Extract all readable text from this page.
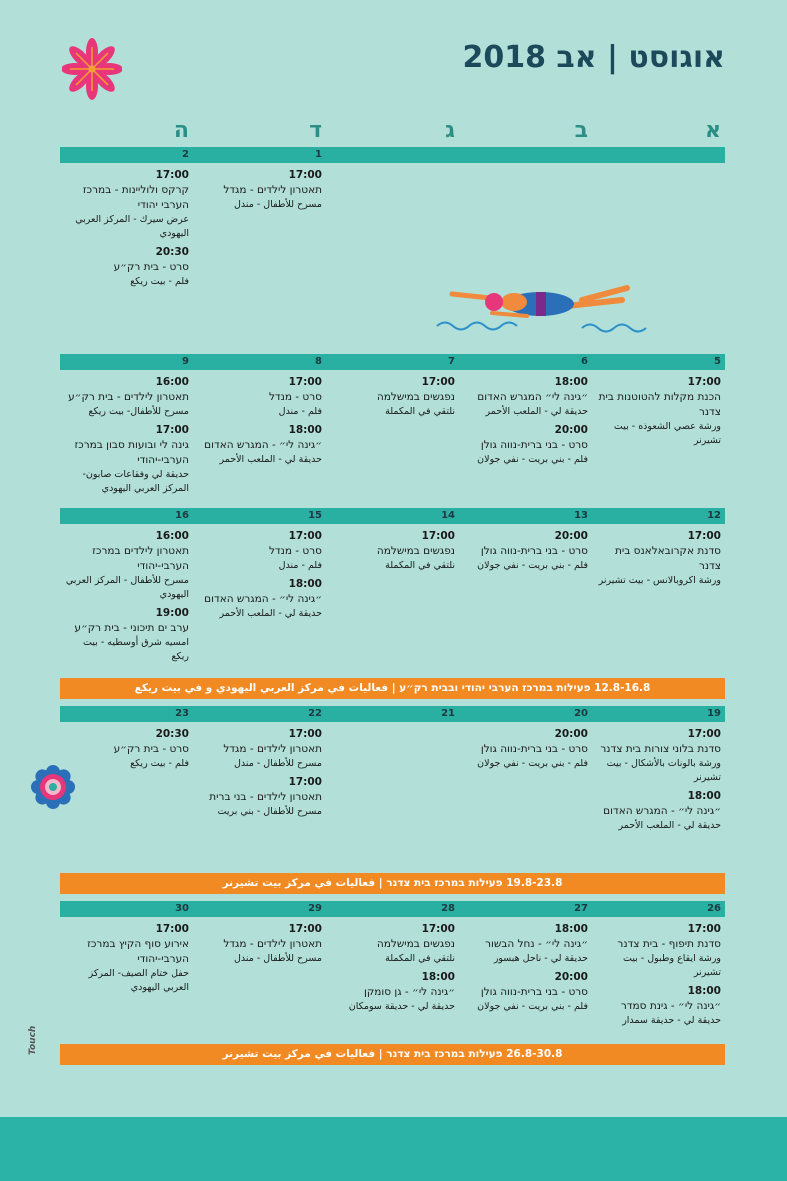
אוגוסט | אב 2018
Touch
א
ב
ג
ד
ה
1
2
17:00
תאטרון לילדים - מגדל
مسرح للأطفال - مندل
17:00
קרקס ולוליינות - במרכז הערבי יהודי
عرض سيرك - المركز العربي اليهودي
20:30
סרט - בית רק״ע
فلم - بيت ريكع
5
6
7
8
9
17:00
הכנת מקלות להטוטנות בית צדנר
ورشة عصي الشعوذه - بيت تشيرنر
18:00
״גינה לי״ המגרש האדום
حديقة لي - الملعب الأحمر
20:00
סרט - בני ברית-נווה גולן
فلم - بني بريت - نفي جولان
17:00
נפגשים במישלמה
نلتقي في المكملة
17:00
סרט - מנדל
فلم - مندل
18:00
״גינה לי״ - המגרש האדום
حديقة لي - الملعب الأحمر
16:00
תאטרון לילדים - בית רק״ע
مسرح للأطفال- بيت ريكع
17:00
גינה לי ובועות סבון במרכז הערבי-יהודי
حديقة لي وفقاعات صابون- المركز العربي اليهودي
12
13
14
15
16
17:00
סדנת אקרובאלאנס בית צדנר
ورشة اكروبالانس - بيت تشيرنر
20:00
סרט - בני ברית-נווה גולן
فلم - بني بريت - نفي جولان
17:00
נפגשים במישלמה
نلتقي في المكملة
17:00
סרט - מנדל
فلم - مندل
18:00
״גינה לי״ - המגרש האדום
حديقة لي - الملعب الأحمر
16:00
תאטרון לילדים במרכז הערבי-יהודי
مسرح للأطفال - المركز العربي اليهودي
19:00
ערב ים תיכוני - בית רק״ע
امسيه شرق أوسطيه - بيت ريكع
19
20
21
22
23
17:00
סדנת בלוני צורות בית צדנר
ورشة بالونات بالأشكال - بيت تشيرنر
18:00
״גינה לי״ - המגרש האדום
حديقة لي - الملعب الأحمر
20:00
סרט - בני ברית-נווה גולן
فلم - بني بريت - نفي جولان
17:00
תאטרון לילדים - מגדל
مسرح للأطفال - مندل
17:00
תאטרון לילדים - בני ברית
مسرح للأطفال - بني بريت
20:30
סרט - בית רק״ע
فلم - بيت ريكع
26
27
28
29
30
17:00
סדנת תיפוף - בית צדנר
ورشة ايقاع وطبول - بيت تشيرنر
18:00
״גינה לי״ - גינת סמדר
حديقة لي - حديقة سمدار
18:00
״גינה לי״ - נחל הבשור
حديقة لي - ناحل هبسور
20:00
סרט - בני ברית-נווה גולן
فلم - بني بريت - نفي جولان
17:00
נפגשים במישלמה
نلتقي في المكملة
18:00
״גינה לי״ - גן סומקן
حديقة لي - حديقة سومكان
17:00
תאטרון לילדים - מגדל
مسرح للأطفال - مندل
17:00
אירוע סוף הקיץ במרכז הערבי-יהודי
حفل ختام الصيف- المركز العربي اليهودي
12.8-16.8 פעילות במרכז הערבי יהודי ובבית רק״ע | فعاليات في مركز العربي اليهودي و في بيت ريكع
19.8-23.8 פעילות במרכז בית צדנר | فعاليات في مركز بيت تشيرنر
26.8-30.8 פעילות במרכז בית צדנר | فعاليات في مركز بيت تشيرنر
